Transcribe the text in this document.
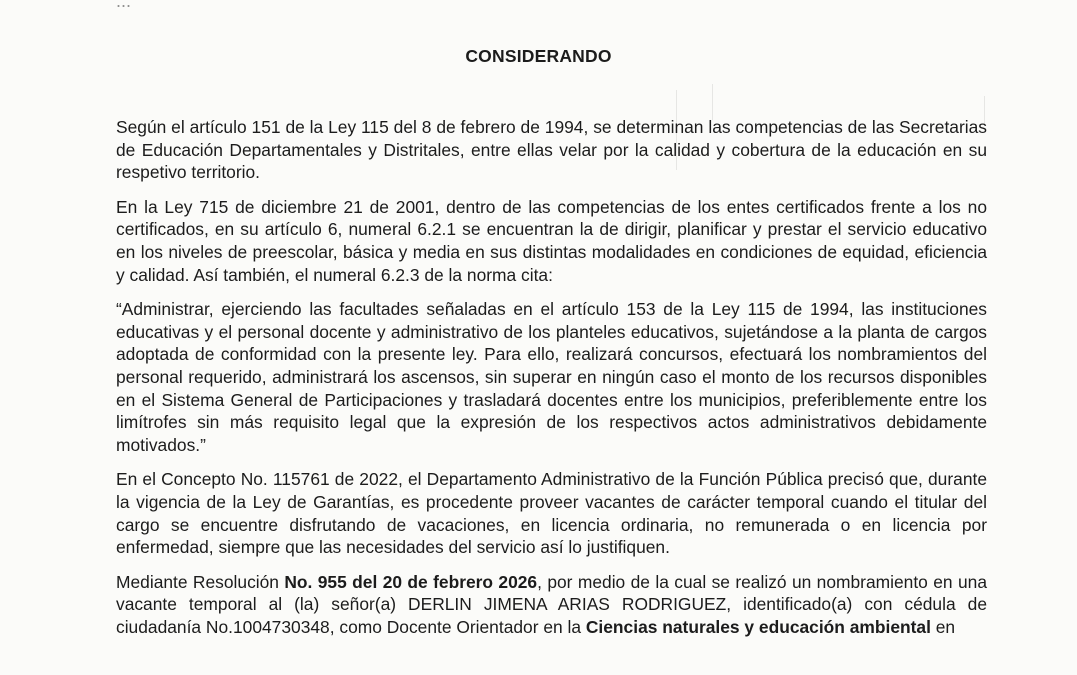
...
CONSIDERANDO

Según el artículo 151 de la Ley 115 del 8 de febrero de 1994, se determinan las competencias de las Secretarias de Educación Departamentales y Distritales, entre ellas velar por la calidad y cobertura de la educación en su respetivo territorio.

En la Ley 715 de diciembre 21 de 2001, dentro de las competencias de los entes certificados frente a los no certificados, en su artículo 6, numeral 6.2.1 se encuentran la de dirigir, planificar y prestar el servicio educativo en los niveles de preescolar, básica y media en sus distintas modalidades en condiciones de equidad, eficiencia y calidad. Así también, el numeral 6.2.3 de la norma cita:

“Administrar, ejerciendo las facultades señaladas en el artículo 153 de la Ley 115 de 1994, las instituciones educativas y el personal docente y administrativo de los planteles educativos, sujetándose a la planta de cargos adoptada de conformidad con la presente ley. Para ello, realizará concursos, efectuará los nombramientos del personal requerido, administrará los ascensos, sin superar en ningún caso el monto de los recursos disponibles en el Sistema General de Participaciones y trasladará docentes entre los municipios, preferiblemente entre los limítrofes sin más requisito legal que la expresión de los respectivos actos administrativos debidamente motivados.”

En el Concepto No. 115761 de 2022, el Departamento Administrativo de la Función Pública precisó que, durante la vigencia de la Ley de Garantías, es procedente proveer vacantes de carácter temporal cuando el titular del cargo se encuentre disfrutando de vacaciones, en licencia ordinaria, no remunerada o en licencia por enfermedad, siempre que las necesidades del servicio así lo justifiquen.

Mediante Resolución No. 955 del 20 de febrero 2026, por medio de la cual se realizó un nombramiento en una vacante temporal al (la) señor(a) DERLIN JIMENA ARIAS RODRIGUEZ, identificado(a) con cédula de ciudadanía No.1004730348, como Docente Orientador en la Ciencias naturales y educación ambiental en
